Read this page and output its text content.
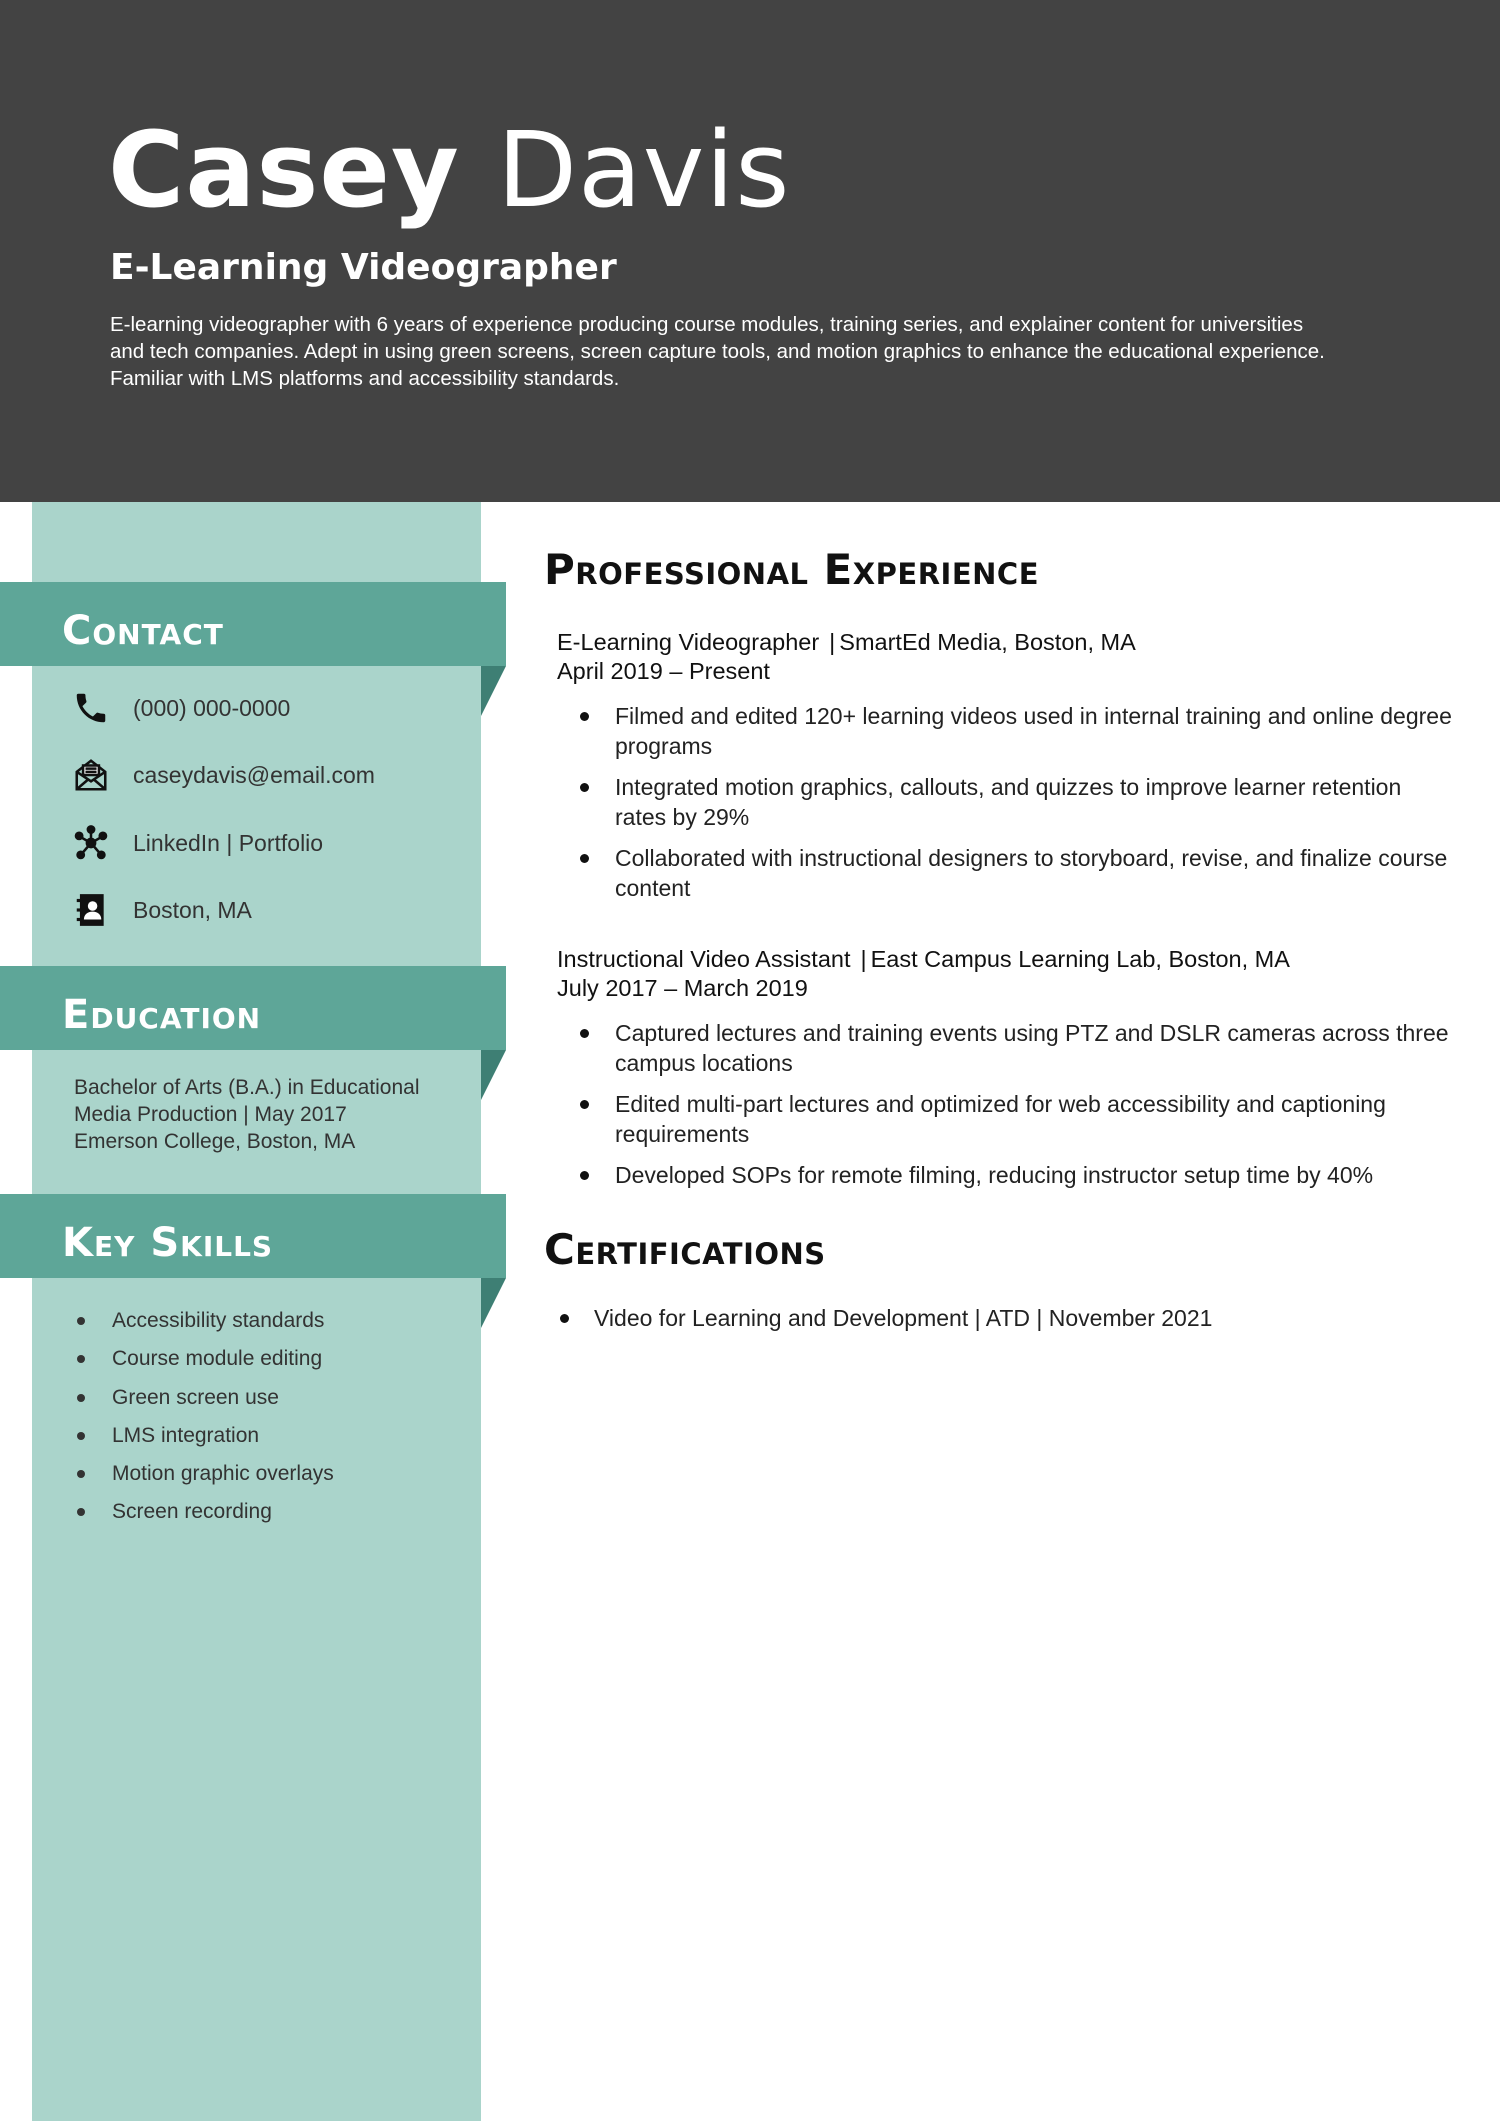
Casey Davis
E-Learning Videographer

E-learning videographer with 6 years of experience producing course modules, training series, and explainer content for universities and tech companies. Adept in using green screens, screen capture tools, and motion graphics to enhance the educational experience. Familiar with LMS platforms and accessibility standards.

Contact
(000) 000-0000
caseydavis@email.com
LinkedIn | Portfolio
Boston, MA
Education

Bachelor of Arts (B.A.) in Educational
Media Production | May 2017
Emerson College, Boston, MA

Key Skills
Accessibility standards
Course module editing
Green screen use
LMS integration
Motion graphic overlays
Screen recording
Professional Experience
E-Learning Videographer | SmartEd Media, Boston, MA
April 2019 – Present
Filmed and edited 120+ learning videos used in internal training and online degree programs
Integrated motion graphics, callouts, and quizzes to improve learner retention rates by 29%
Collaborated with instructional designers to storyboard, revise, and finalize course content
Instructional Video Assistant | East Campus Learning Lab, Boston, MA
July 2017 – March 2019
Captured lectures and training events using PTZ and DSLR cameras across three campus locations
Edited multi-part lectures and optimized for web accessibility and captioning requirements
Developed SOPs for remote filming, reducing instructor setup time by 40%
Certifications
Video for Learning and Development | ATD | November 2021
